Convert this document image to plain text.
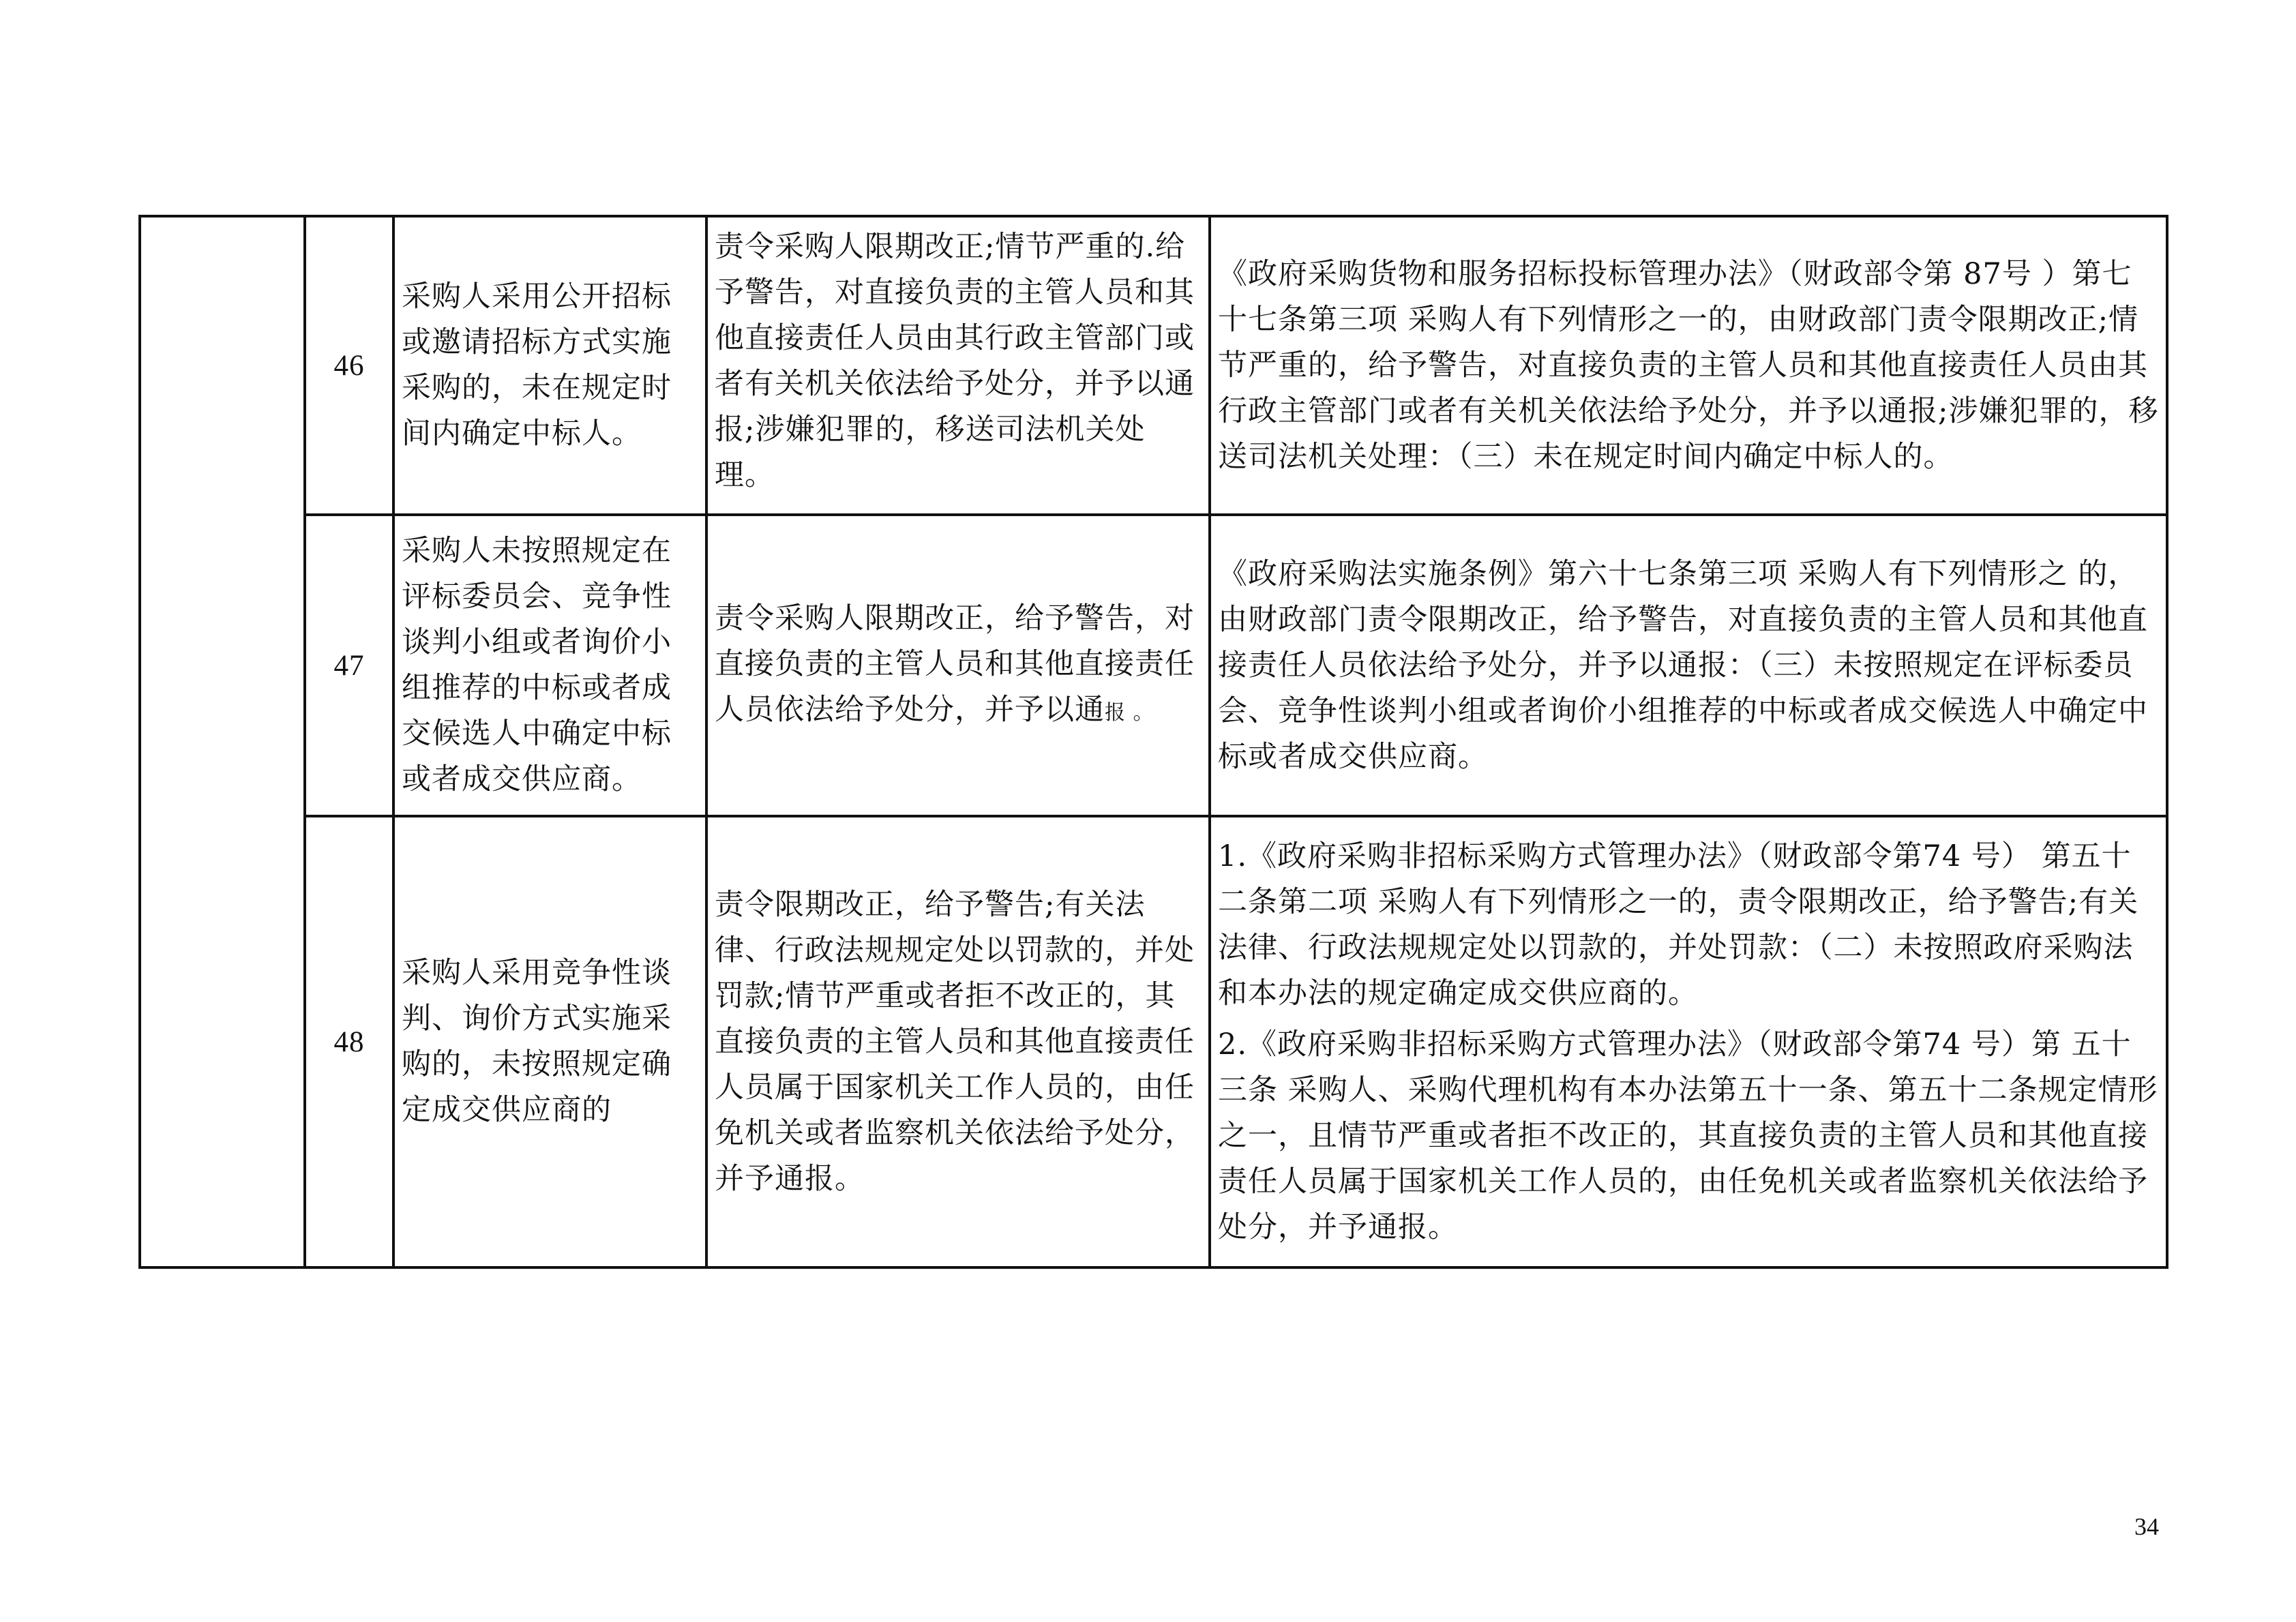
	46	采购人采用公开招标或邀请招标方式实施采购的，未在规定时间内确定中标人。	责令采购人限期改正;情节严重的.给予警告，对直接负责的主管人员和其他直接责任人员由其行政主管部门或者有关机关依法给予处分，并予以通报;涉嫌犯罪的，移送司法机关处理。	《政府采购货物和服务招标投标管理办法》（财政部令第 87号 ）第七十七条第三项 采购人有下列情形之一的，由财政部门责令限期改正;情节严重的，给予警告，对直接负责的主管人员和其他直接责任人员由其行政主管部门或者有关机关依法给予处分，并予以通报;涉嫌犯罪的，移送司法机关处理：（三）未在规定时间内确定中标人的。

	47	采购人未按照规定在评标委员会、竞争性谈判小组或者询价小组推荐的中标或者成交候选人中确定中标或者成交供应商。	责令采购人限期改正，给予警告，对直接负责的主管人员和其他直接责任人员依法给予处分，并予以通报 。	《政府采购法实施条例》第六十七条第三项 采购人有下列情形之 的，由财政部门责令限期改正，给予警告，对直接负责的主管人员和其他直接责任人员依法给予处分，并予以通报：（三）未按照规定在评标委员会、竞争性谈判小组或者询价小组推荐的中标或者成交候选人中确定中标或者成交供应商。

	48	采购人采用竞争性谈判、询价方式实施采购的，未按照规定确定成交供应商的	责令限期改正，给予警告;有关法律、行政法规规定处以罚款的，并处罚款;情节严重或者拒不改正的，其直接负责的主管人员和其他直接责任人员属于国家机关工作人员的，由任免机关或者监察机关依法给予处分，并予通报。	1.《政府采购非招标采购方式管理办法》（财政部令第74 号） 第五十二条第二项 采购人有下列情形之一的，责令限期改正，给予警告;有关法律、行政法规规定处以罚款的，并处罚款：（二）未按照政府采购法和本办法的规定确定成交供应商的。
2.《政府采购非招标采购方式管理办法》（财政部令第74 号）第 五十三条 采购人、采购代理机构有本办法第五十一条、第五十二条规定情形之一，且情节严重或者拒不改正的，其直接负责的主管人员和其他直接责任人员属于国家机关工作人员的，由任免机关或者监察机关依法给予处分，并予通报。
34
